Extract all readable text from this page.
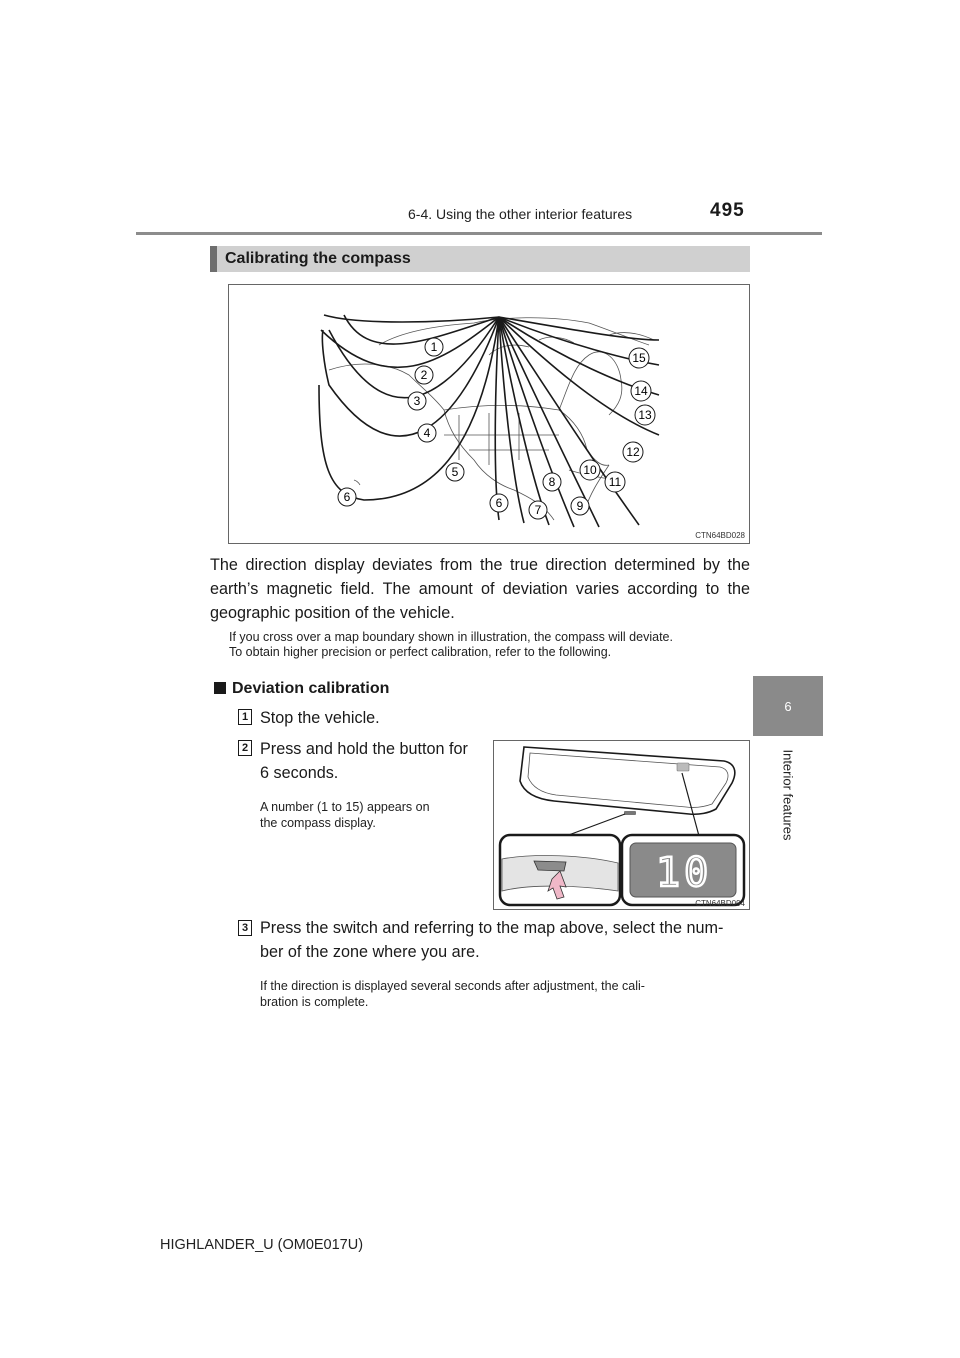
6-4. Using the other interior features	495
6
Interior features
Calibrating the compass
1
2
3
4
5
6	6	7
8
9
10
11
12
13
14
15
CTN64BD028

The direction display deviates from the true direction determined by the earth’s magnetic field. The amount of deviation varies according to the geographic position of the vehicle.

If you cross over a map boundary shown in illustration, the compass will deviate.
To obtain higher precision or perfect calibration, refer to the following.
Deviation calibration
1 Stop the vehicle.

2 Press and hold the button for

6 seconds.

A number (1 to 15) appears on

the compass display.

10
CTN64BD094
3 Press the switch and referring to the map above, select the num-

ber of the zone where you are.

If the direction is displayed several seconds after adjustment, the cali-

bration is complete.

HIGHLANDER_U (OM0E017U)
